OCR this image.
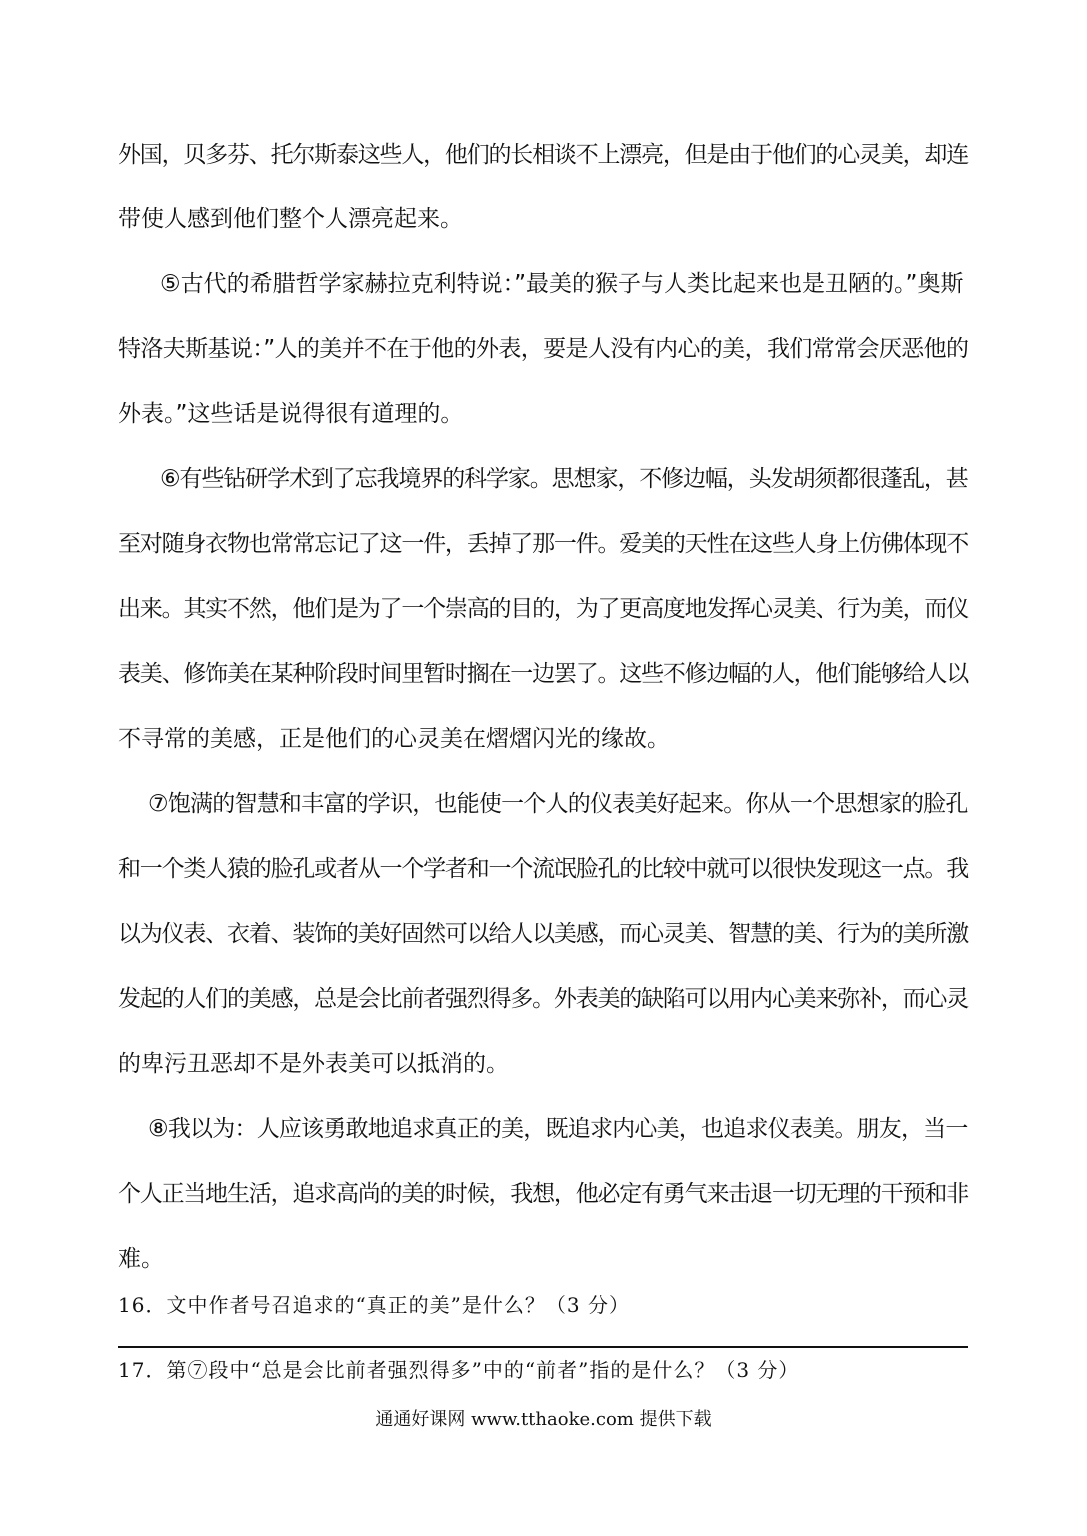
外国，贝多芬、托尔斯泰这些人，他们的长相谈不上漂亮，但是由于他们的心灵美，却连
带使人感到他们整个人漂亮起来。
⑤古代的希腊哲学家赫拉克利特说：”最美的猴子与人类比起来也是丑陋的。”奥斯
特洛夫斯基说：”人的美并不在于他的外表，要是人没有内心的美，我们常常会厌恶他的
外表。”这些话是说得很有道理的。
⑥有些钻研学术到了忘我境界的科学家。思想家，不修边幅，头发胡须都很蓬乱，甚
至对随身衣物也常常忘记了这一件，丢掉了那一件。爱美的天性在这些人身上仿佛体现不
出来。其实不然，他们是为了一个崇高的目的，为了更高度地发挥心灵美、行为美，而仪
表美、修饰美在某种阶段时间里暂时搁在一边罢了。这些不修边幅的人，他们能够给人以
不寻常的美感，正是他们的心灵美在熠熠闪光的缘故。
⑦饱满的智慧和丰富的学识，也能使一个人的仪表美好起来。你从一个思想家的脸孔
和一个类人猿的脸孔或者从一个学者和一个流氓脸孔的比较中就可以很快发现这一点。我
以为仪表、衣着、装饰的美好固然可以给人以美感，而心灵美、智慧的美、行为的美所激
发起的人们的美感，总是会比前者强烈得多。外表美的缺陷可以用内心美来弥补，而心灵
的卑污丑恶却不是外表美可以抵消的。
⑧我以为：人应该勇敢地追求真正的美，既追求内心美，也追求仪表美。朋友，当一
个人正当地生活，追求高尚的美的时候，我想，他必定有勇气来击退一切无理的干预和非
难。
16．文中作者号召追求的“真正的美”是什么？（3 分）
17．第⑦段中“总是会比前者强烈得多”中的“前者”指的是什么？（3 分）
通通好课网 www.tthaoke.com 提供下载
